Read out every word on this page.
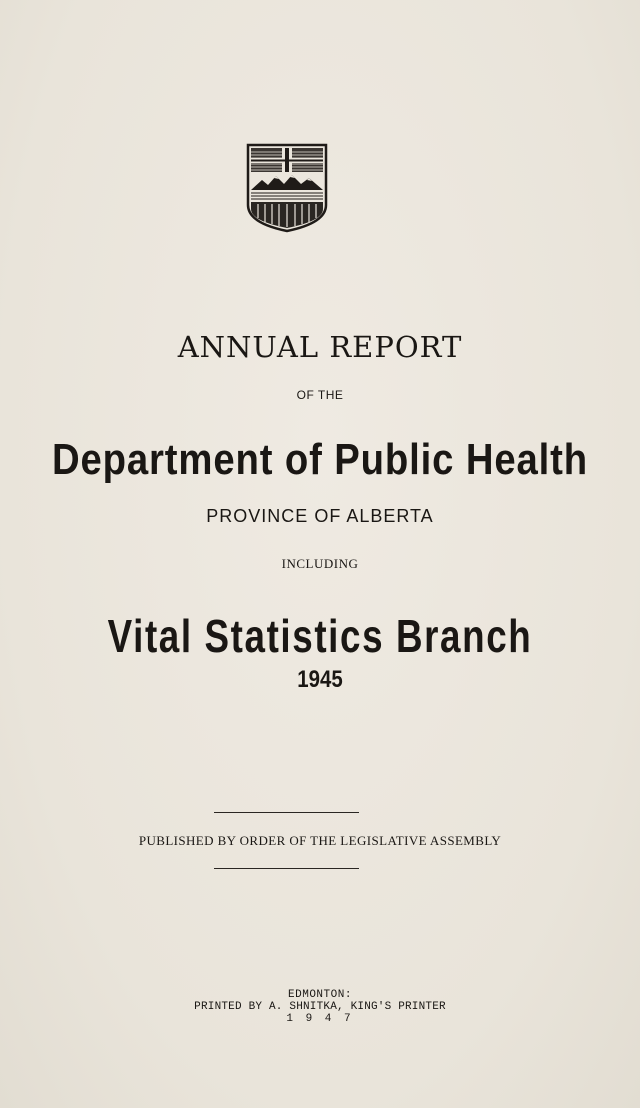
ANNUAL REPORT
OF THE
Department of Public Health
PROVINCE OF ALBERTA
INCLUDING
Vital Statistics Branch
1945
PUBLISHED BY ORDER OF THE LEGISLATIVE ASSEMBLY
EDMONTON:
PRINTED BY A. SHNITKA, KING'S PRINTER
1 9 4 7
